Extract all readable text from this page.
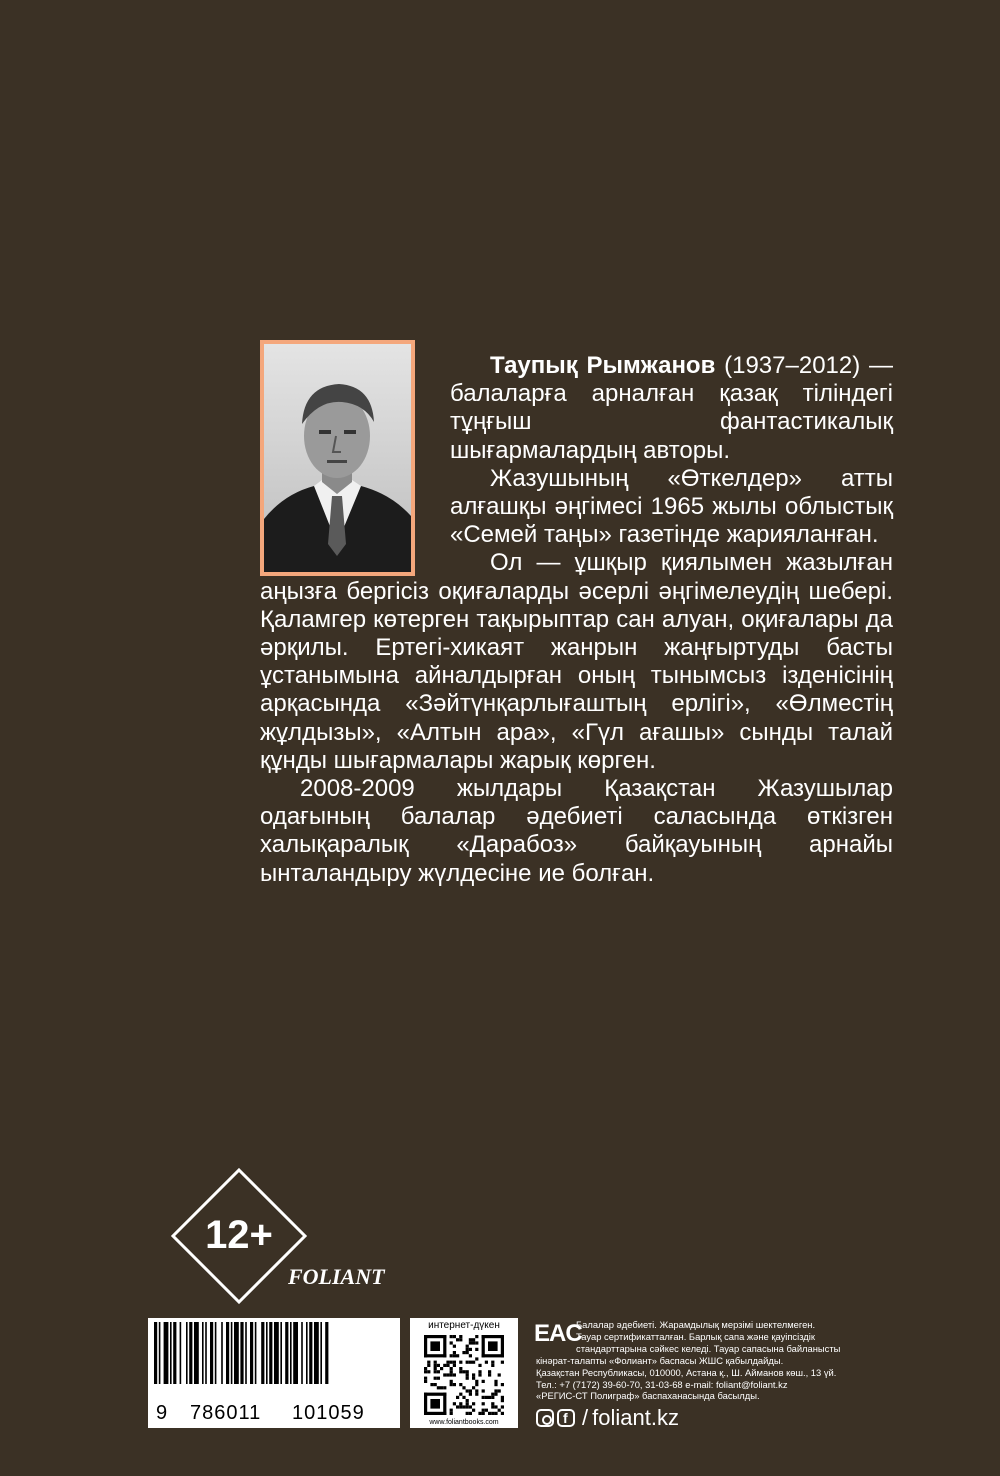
Таупық Рымжанов (1937–2012) — балаларға арналған қазақ тіліндегі тұңғыш фантастикалық шығармалардың авторы.

Жазушының «Өткелдер» атты алғашқы әңгімесі 1965 жылы облыстық «Семей таңы» газетінде жарияланған.

Ол — ұшқыр қиялымен жазылған аңызға бергісіз оқиғаларды әсерлі әңгімелеудің шебері. Қаламгер көтерген тақырыптар сан алуан, оқиғалары да әрқилы. Ертегі-хикаят жанрын жаңғыртуды басты ұстанымына айналдырған оның тынымсыз ізденісінің арқасында «Зәйтүнқарлығаштың ерлігі», «Өлместің жұлдызы», «Алтын ара», «Гүл ағашы» сынды талай құнды шығармалары жарық көрген.

2008-2009 жылдары Қазақстан Жазушылар одағының балалар әдебиеті саласында өткізген халықаралық «Дарабоз» байқауының арнайы ынталандыру жүлдесіне ие болған.

12+
FOLIANT
9 786011 101059
интернет-дүкен
www.foliantbooks.com
EAC
Балалар әдебиеті. Жарамдылық мерзімі шектелмеген.
Тауар сертификатталған. Барлық сапа және қауіпсіздік
стандарттарына сәйкес келеді. Тауар сапасына байланысты
кінәрат-талапты «Фолиант» баспасы ЖШС қабылдайды.
Қазақстан Республикасы, 010000, Астана қ., Ш. Айманов көш., 13 үй.
Тел.: +7 (7172) 39-60-70, 31-03-68 e-mail: foliant@foliant.kz
«РЕГИС-СТ Полиграф» баспаханасында басылды.
f / foliant.kz
